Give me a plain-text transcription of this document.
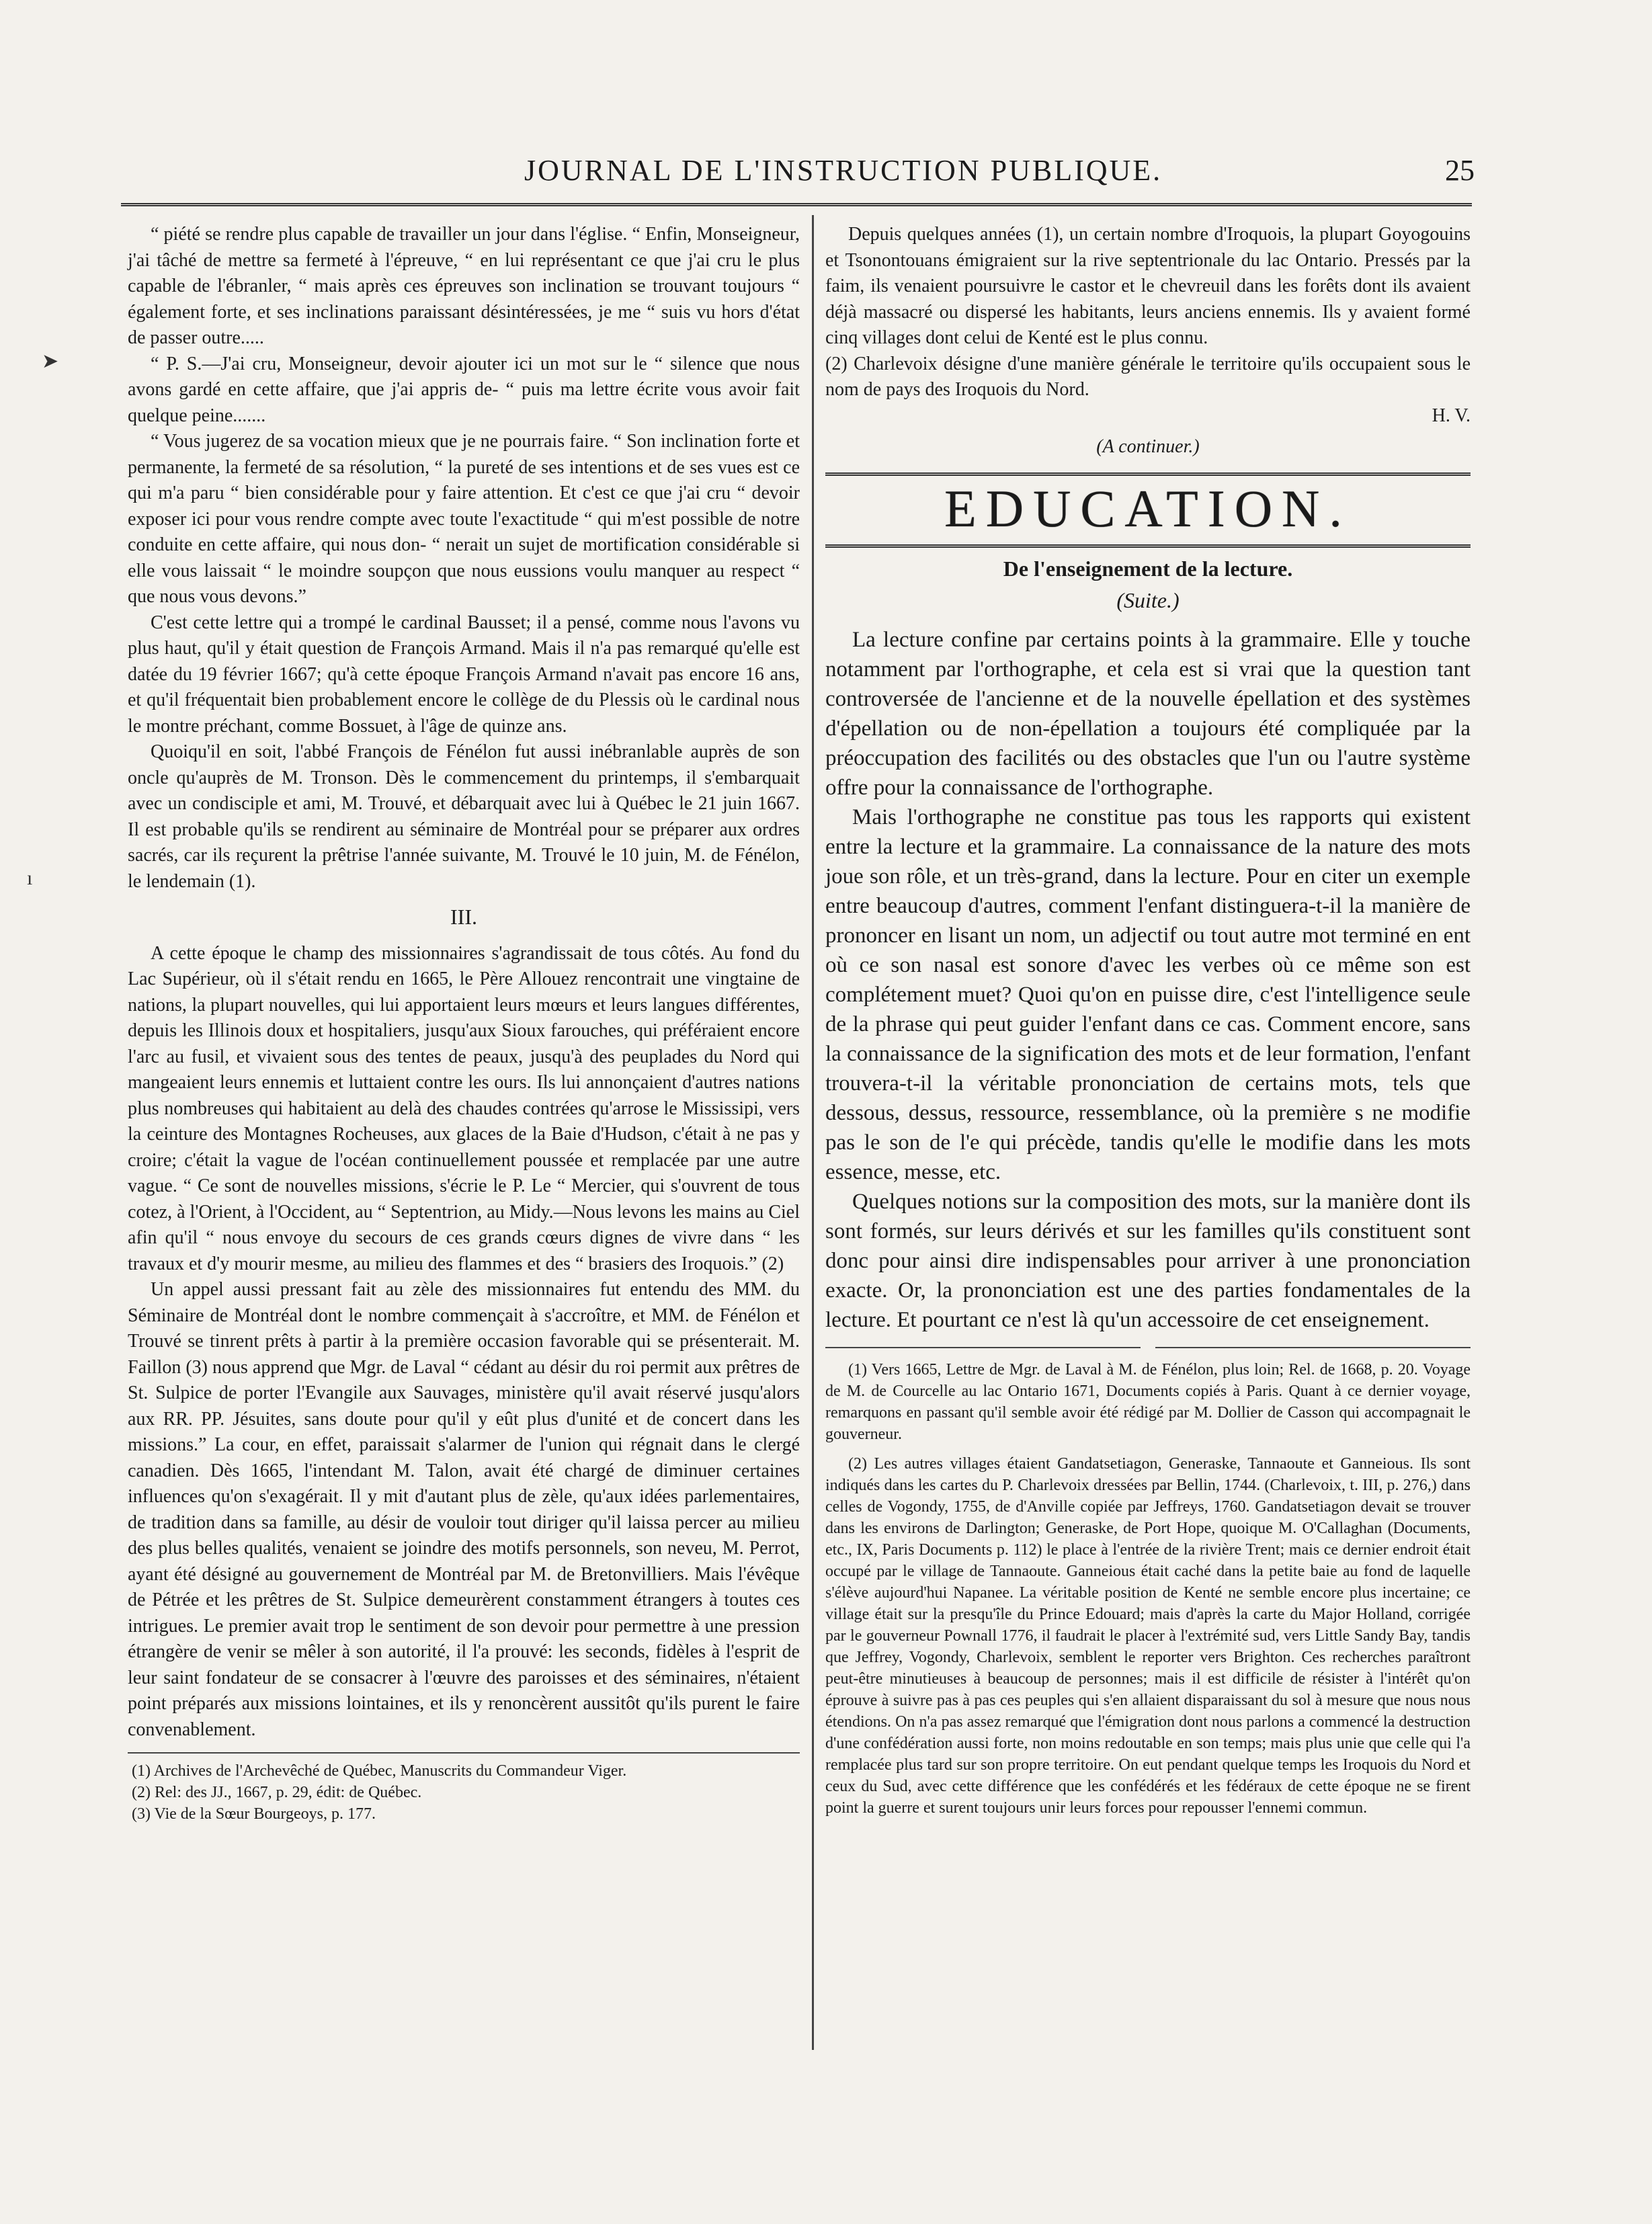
JOURNAL DE L'INSTRUCTION PUBLIQUE.	25
➤
ı

“ piété se rendre plus capable de travailler un jour dans l'église. “ Enfin, Monseigneur, j'ai tâché de mettre sa fermeté à l'épreuve, “ en lui représentant ce que j'ai cru le plus capable de l'ébranler, “ mais après ces épreuves son inclination se trouvant toujours “ également forte, et ses inclinations paraissant désintéressées, je me “ suis vu hors d'état de passer outre.....

“ P. S.—J'ai cru, Monseigneur, devoir ajouter ici un mot sur le “ silence que nous avons gardé en cette affaire, que j'ai appris de- “ puis ma lettre écrite vous avoir fait quelque peine.......

“ Vous jugerez de sa vocation mieux que je ne pourrais faire. “ Son inclination forte et permanente, la fermeté de sa résolution, “ la pureté de ses intentions et de ses vues est ce qui m'a paru “ bien considérable pour y faire attention. Et c'est ce que j'ai cru “ devoir exposer ici pour vous rendre compte avec toute l'exactitude “ qui m'est possible de notre conduite en cette affaire, qui nous don- “ nerait un sujet de mortification considérable si elle vous laissait “ le moindre soupçon que nous eussions voulu manquer au respect “ que nous vous devons.”

C'est cette lettre qui a trompé le cardinal Bausset; il a pensé, comme nous l'avons vu plus haut, qu'il y était question de François Armand. Mais il n'a pas remarqué qu'elle est datée du 19 février 1667; qu'à cette époque François Armand n'avait pas encore 16 ans, et qu'il fréquentait bien probablement encore le collège de du Plessis où le cardinal nous le montre préchant, comme Bossuet, à l'âge de quinze ans.

Quoiqu'il en soit, l'abbé François de Fénélon fut aussi inébranlable auprès de son oncle qu'auprès de M. Tronson. Dès le commencement du printemps, il s'embarquait avec un condisciple et ami, M. Trouvé, et débarquait avec lui à Québec le 21 juin 1667. Il est probable qu'ils se rendirent au séminaire de Montréal pour se préparer aux ordres sacrés, car ils reçurent la prêtrise l'année suivante, M. Trouvé le 10 juin, M. de Fénélon, le lendemain (1).

III.

A cette époque le champ des missionnaires s'agrandissait de tous côtés. Au fond du Lac Supérieur, où il s'était rendu en 1665, le Père Allouez rencontrait une vingtaine de nations, la plupart nouvelles, qui lui apportaient leurs mœurs et leurs langues différentes, depuis les Illinois doux et hospitaliers, jusqu'aux Sioux farouches, qui préféraient encore l'arc au fusil, et vivaient sous des tentes de peaux, jusqu'à des peuplades du Nord qui mangeaient leurs ennemis et luttaient contre les ours. Ils lui annonçaient d'autres nations plus nombreuses qui habitaient au delà des chaudes contrées qu'arrose le Mississipi, vers la ceinture des Montagnes Rocheuses, aux glaces de la Baie d'Hudson, c'était à ne pas y croire; c'était la vague de l'océan continuellement poussée et remplacée par une autre vague. “ Ce sont de nouvelles missions, s'écrie le P. Le “ Mercier, qui s'ouvrent de tous cotez, à l'Orient, à l'Occident, au “ Septentrion, au Midy.—Nous levons les mains au Ciel afin qu'il “ nous envoye du secours de ces grands cœurs dignes de vivre dans “ les travaux et d'y mourir mesme, au milieu des flammes et des “ brasiers des Iroquois.” (2)

Un appel aussi pressant fait au zèle des missionnaires fut entendu des MM. du Séminaire de Montréal dont le nombre commençait à s'accroître, et MM. de Fénélon et Trouvé se tinrent prêts à partir à la première occasion favorable qui se présenterait. M. Faillon (3) nous apprend que Mgr. de Laval “ cédant au désir du roi permit aux prêtres de St. Sulpice de porter l'Evangile aux Sauvages, ministère qu'il avait réservé jusqu'alors aux RR. PP. Jésuites, sans doute pour qu'il y eût plus d'unité et de concert dans les missions.” La cour, en effet, paraissait s'alarmer de l'union qui régnait dans le clergé canadien. Dès 1665, l'intendant M. Talon, avait été chargé de diminuer certaines influences qu'on s'exagérait. Il y mit d'autant plus de zèle, qu'aux idées parlementaires, de tradition dans sa famille, au désir de vouloir tout diriger qu'il laissa percer au milieu des plus belles qualités, venaient se joindre des motifs personnels, son neveu, M. Perrot, ayant été désigné au gouvernement de Montréal par M. de Bretonvilliers. Mais l'évêque de Pétrée et les prêtres de St. Sulpice demeurèrent constamment étrangers à toutes ces intrigues. Le premier avait trop le sentiment de son devoir pour permettre à une pression étrangère de venir se mêler à son autorité, il l'a prouvé: les seconds, fidèles à l'esprit de leur saint fondateur de se consacrer à l'œuvre des paroisses et des séminaires, n'étaient point préparés aux missions lointaines, et ils y renoncèrent aussitôt qu'ils purent le faire convenablement.

(1) Archives de l'Archevêché de Québec, Manuscrits du Commandeur Viger.

(2) Rel: des JJ., 1667, p. 29, édit: de Québec.

(3) Vie de la Sœur Bourgeoys, p. 177.

Depuis quelques années (1), un certain nombre d'Iroquois, la plupart Goyogouins et Tsonontouans émigraient sur la rive septentrionale du lac Ontario. Pressés par la faim, ils venaient poursuivre le castor et le chevreuil dans les forêts dont ils avaient déjà massacré ou dispersé les habitants, leurs anciens ennemis. Ils y avaient formé cinq villages dont celui de Kenté est le plus connu.

(2) Charlevoix désigne d'une manière générale le territoire qu'ils occupaient sous le nom de pays des Iroquois du Nord.

H. V.

(A continuer.)

EDUCATION.

De l'enseignement de la lecture.

(Suite.)

La lecture confine par certains points à la grammaire. Elle y touche notamment par l'orthographe, et cela est si vrai que la question tant controversée de l'ancienne et de la nouvelle épellation et des systèmes d'épellation ou de non-épellation a toujours été compliquée par la préoccupation des facilités ou des obstacles que l'un ou l'autre système offre pour la connaissance de l'orthographe.

Mais l'orthographe ne constitue pas tous les rapports qui existent entre la lecture et la grammaire. La connaissance de la nature des mots joue son rôle, et un très-grand, dans la lecture. Pour en citer un exemple entre beaucoup d'autres, comment l'enfant distinguera-t-il la manière de prononcer en lisant un nom, un adjectif ou tout autre mot terminé en ent où ce son nasal est sonore d'avec les verbes où ce même son est complétement muet? Quoi qu'on en puisse dire, c'est l'intelligence seule de la phrase qui peut guider l'enfant dans ce cas. Comment encore, sans la connaissance de la signification des mots et de leur formation, l'enfant trouvera-t-il la véritable prononciation de certains mots, tels que dessous, dessus, ressource, ressemblance, où la première s ne modifie pas le son de l'e qui précède, tandis qu'elle le modifie dans les mots essence, messe, etc.

Quelques notions sur la composition des mots, sur la manière dont ils sont formés, sur leurs dérivés et sur les familles qu'ils constituent sont donc pour ainsi dire indispensables pour arriver à une prononciation exacte. Or, la prononciation est une des parties fondamentales de la lecture. Et pourtant ce n'est là qu'un accessoire de cet enseignement.

(1) Vers 1665, Lettre de Mgr. de Laval à M. de Fénélon, plus loin; Rel. de 1668, p. 20. Voyage de M. de Courcelle au lac Ontario 1671, Documents copiés à Paris. Quant à ce dernier voyage, remarquons en passant qu'il semble avoir été rédigé par M. Dollier de Casson qui accompagnait le gouverneur.

(2) Les autres villages étaient Gandatsetiagon, Generaske, Tannaoute et Ganneious. Ils sont indiqués dans les cartes du P. Charlevoix dressées par Bellin, 1744. (Charlevoix, t. III, p. 276,) dans celles de Vogondy, 1755, de d'Anville copiée par Jeffreys, 1760. Gandatsetiagon devait se trouver dans les environs de Darlington; Generaske, de Port Hope, quoique M. O'Callaghan (Documents, etc., IX, Paris Documents p. 112) le place à l'entrée de la rivière Trent; mais ce dernier endroit était occupé par le village de Tannaoute. Ganneious était caché dans la petite baie au fond de laquelle s'élève aujourd'hui Napanee. La véritable position de Kenté ne semble encore plus incertaine; ce village était sur la presqu'île du Prince Edouard; mais d'après la carte du Major Holland, corrigée par le gouverneur Pownall 1776, il faudrait le placer à l'extrémité sud, vers Little Sandy Bay, tandis que Jeffrey, Vogondy, Charlevoix, semblent le reporter vers Brighton. Ces recherches paraîtront peut-être minutieuses à beaucoup de personnes; mais il est difficile de résister à l'intérêt qu'on éprouve à suivre pas à pas ces peuples qui s'en allaient disparaissant du sol à mesure que nous nous étendions. On n'a pas assez remarqué que l'émigration dont nous parlons a commencé la destruction d'une confédération aussi forte, non moins redoutable en son temps; mais plus unie que celle qui l'a remplacée plus tard sur son propre territoire. On eut pendant quelque temps les Iroquois du Nord et ceux du Sud, avec cette différence que les confédérés et les fédéraux de cette époque ne se firent point la guerre et surent toujours unir leurs forces pour repousser l'ennemi commun.
